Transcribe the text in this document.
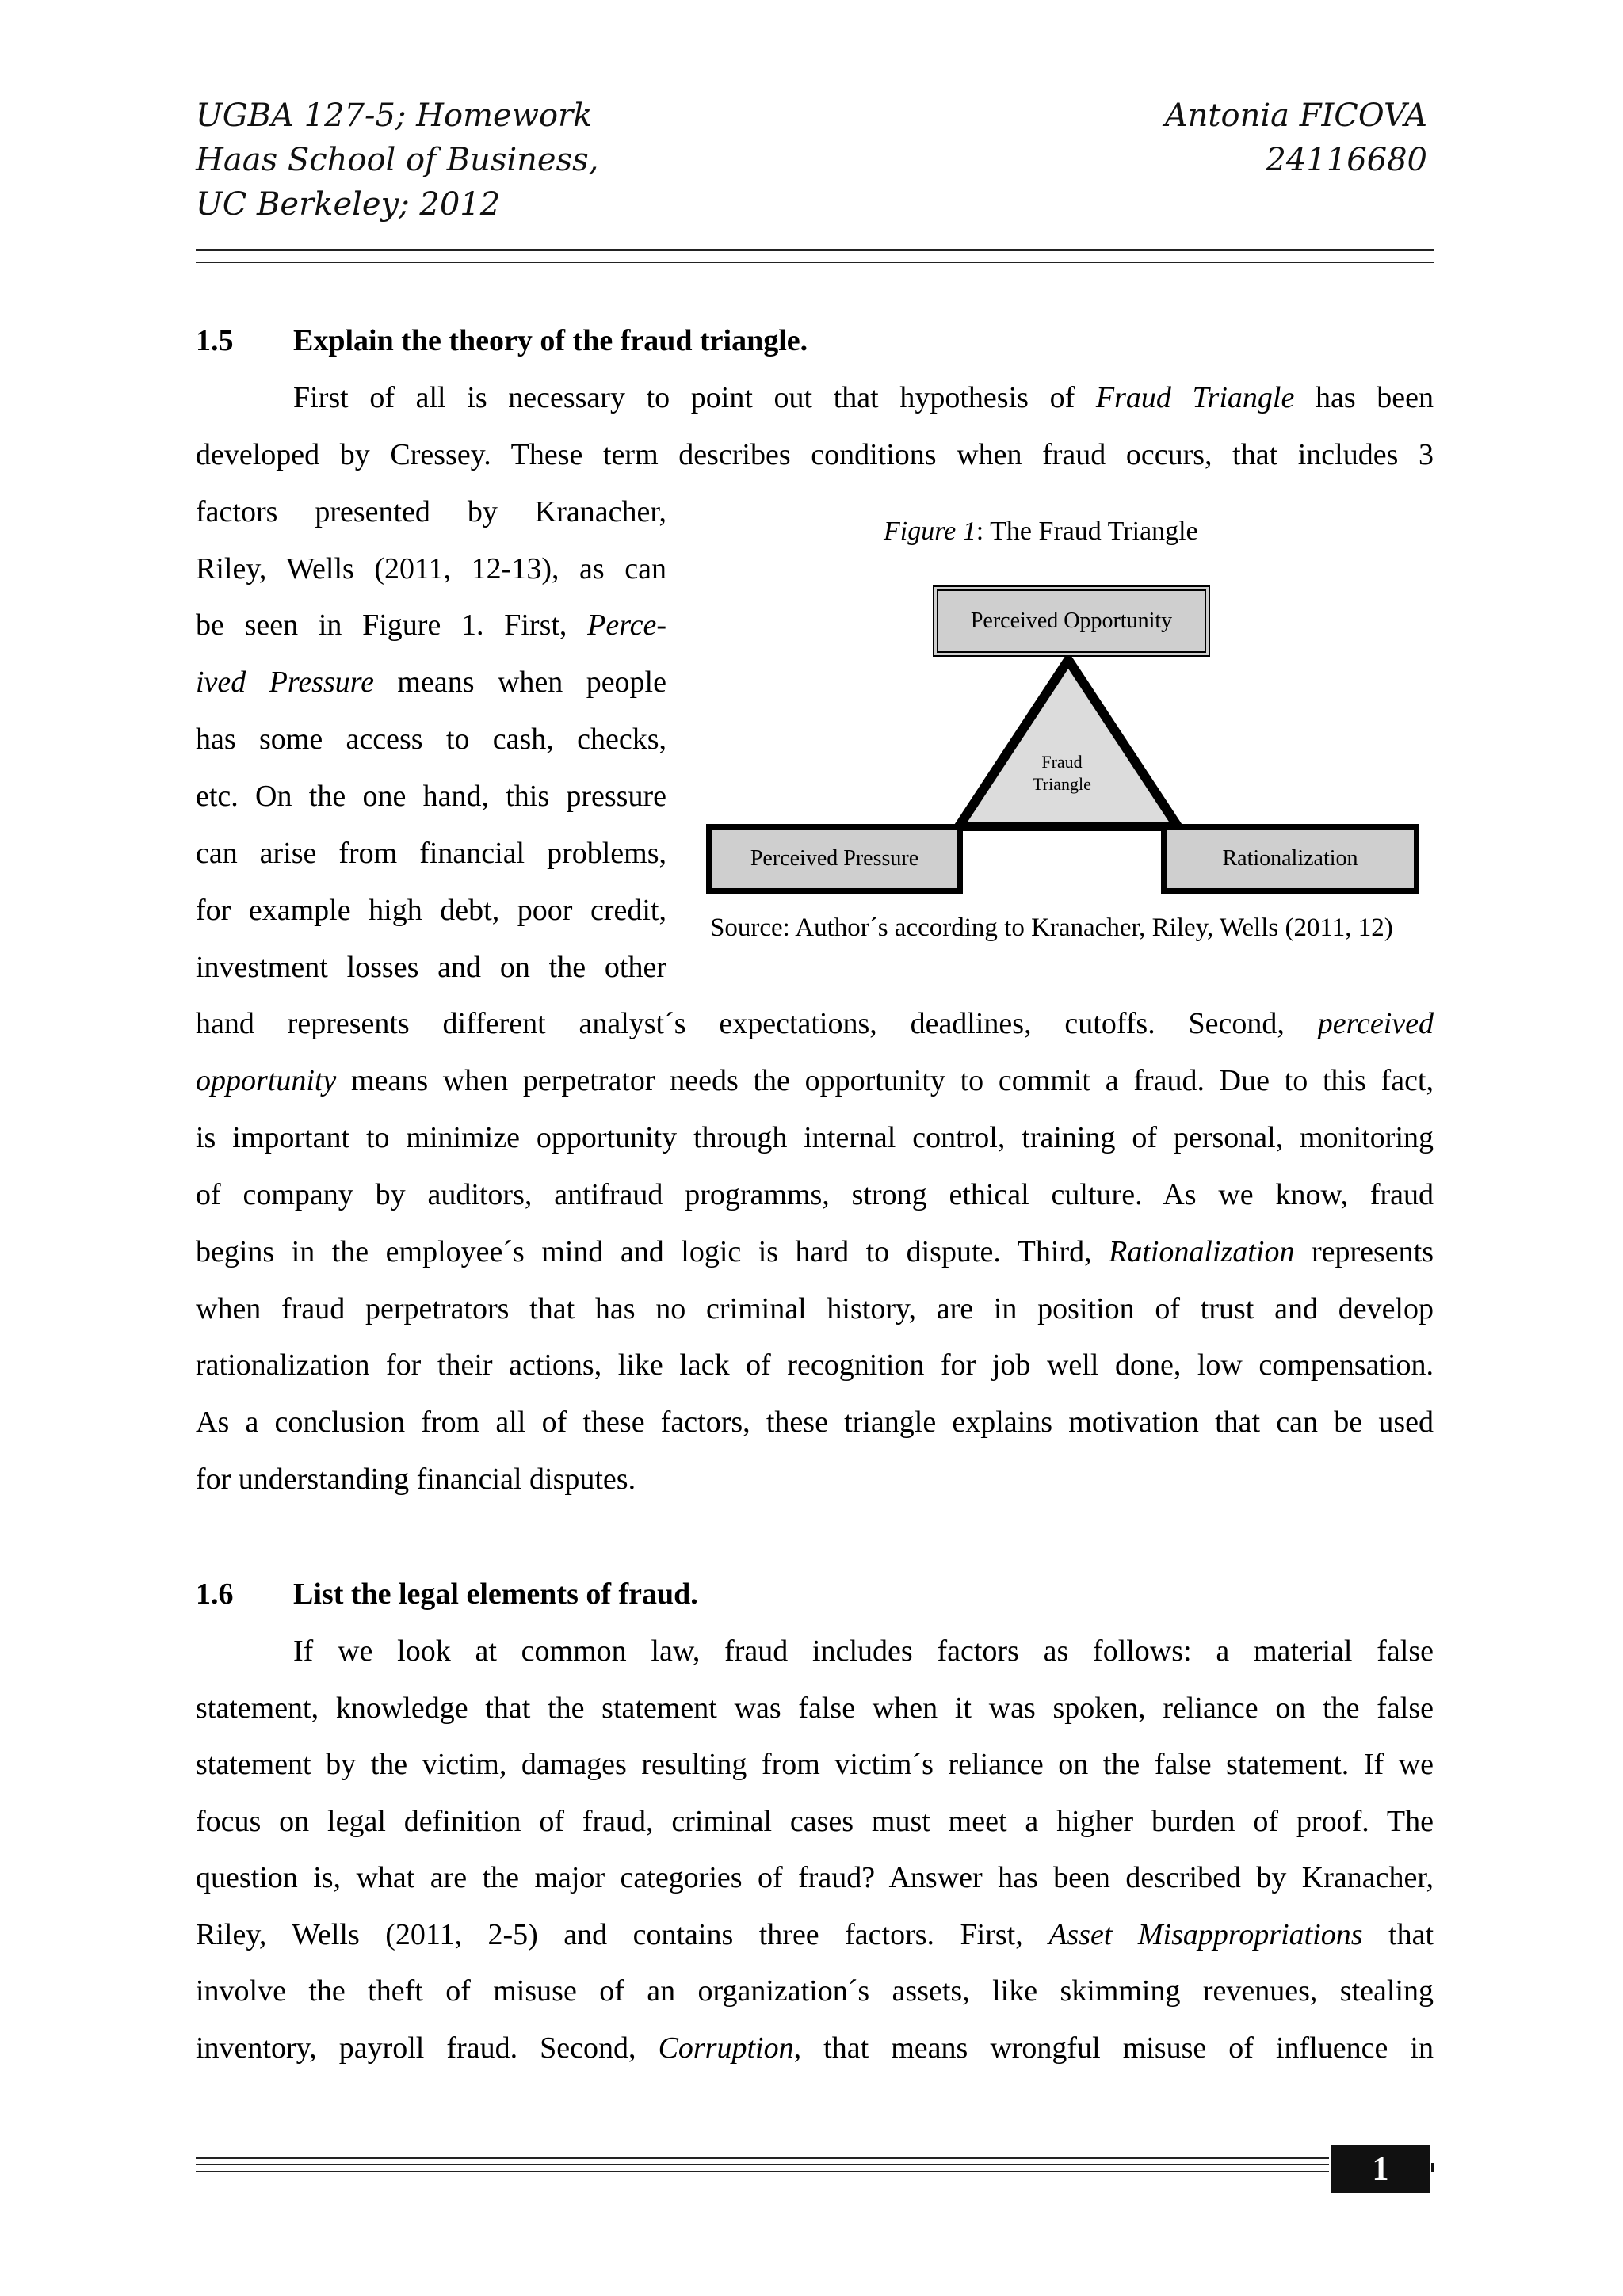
UGBA 127-5; Homework
Haas School of Business,
UC Berkeley; 2012
Antonia FICOVA
24116680
1.5 Explain the theory of the fraud triangle.
First of all is necessary to point out that hypothesis of Fraud Triangle has been
developed by Cressey. These term describes conditions when fraud occurs, that includes 3
factors presented by Kranacher,
Riley, Wells (2011, 12-13), as can
be seen in Figure 1. First, Perce-
ived Pressure means when people
has some access to cash, checks,
etc. On the one hand, this pressure
can arise from financial problems,
for example high debt, poor credit,
investment losses and on the other
hand represents different analyst´s expectations, deadlines, cutoffs. Second, perceived
opportunity means when perpetrator needs the opportunity to commit a fraud. Due to this fact,
is important to minimize opportunity through internal control, training of personal, monitoring
of company by auditors, antifraud programms, strong ethical culture. As we know, fraud
begins in the employee´s mind and logic is hard to dispute. Third, Rationalization represents
when fraud perpetrators that has no criminal history, are in position of trust and develop
rationalization for their actions, like lack of recognition for job well done, low compensation.
As a conclusion from all of these factors, these triangle explains motivation that can be used
for understanding financial disputes.
Figure 1: The Fraud Triangle
Fraud
Triangle
Perceived Opportunity
Perceived Pressure	Rationalization
Source: Author´s according to Kranacher, Riley, Wells (2011, 12)
1.6 List the legal elements of fraud.
If we look at common law, fraud includes factors as follows: a material false
statement, knowledge that the statement was false when it was spoken, reliance on the false
statement by the victim, damages resulting from victim´s reliance on the false statement. If we
focus on legal definition of fraud, criminal cases must meet a higher burden of proof. The
question is, what are the major categories of fraud? Answer has been described by Kranacher,
Riley, Wells (2011, 2-5) and contains three factors. First, Asset Misappropriations that
involve the theft of misuse of an organization´s assets, like skimming revenues, stealing
inventory, payroll fraud. Second, Corruption, that means wrongful misuse of influence in
1
